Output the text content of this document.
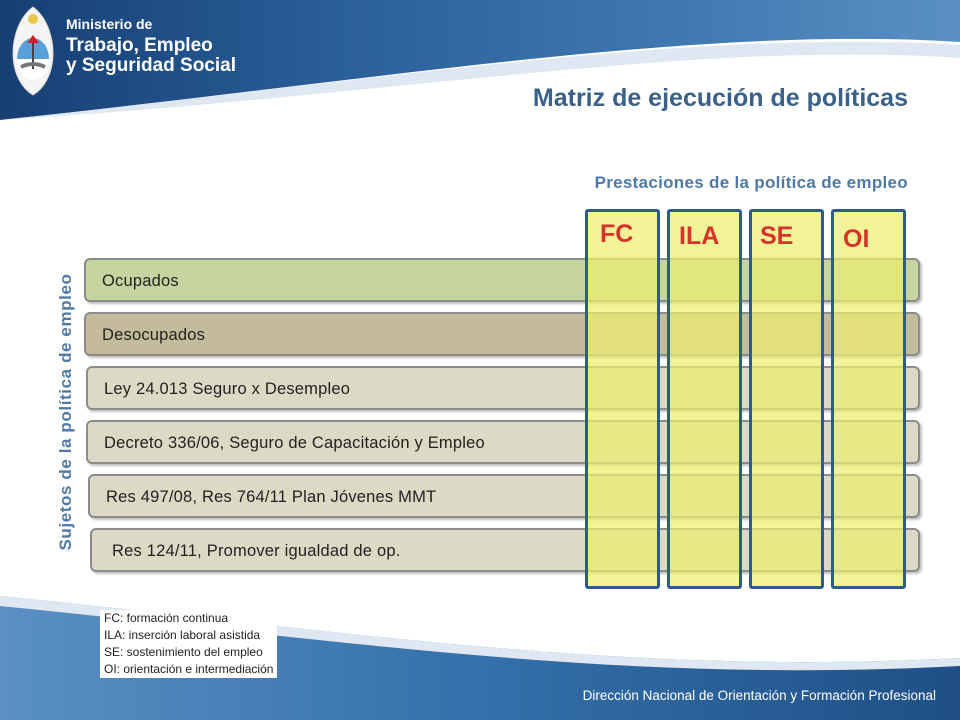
Ministerio de
Trabajo, Empleo
y Seguridad Social
Matriz de ejecución de políticas
Prestaciones de la política de empleo
Sujetos de la política de empleo Ocupados
Desocupados
Ley 24.013 Seguro x Desempleo
Decreto 336/06, Seguro de Capacitación y Empleo
Res 497/08, Res 764/11 Plan Jóvenes MMT
Res 124/11, Promover igualdad de op.
FC ILA SE OI
FC: formación continua
ILA: inserción laboral asistida
SE: sostenimiento del empleo
OI: orientación e intermediación
Dirección Nacional de Orientación y Formación Profesional
